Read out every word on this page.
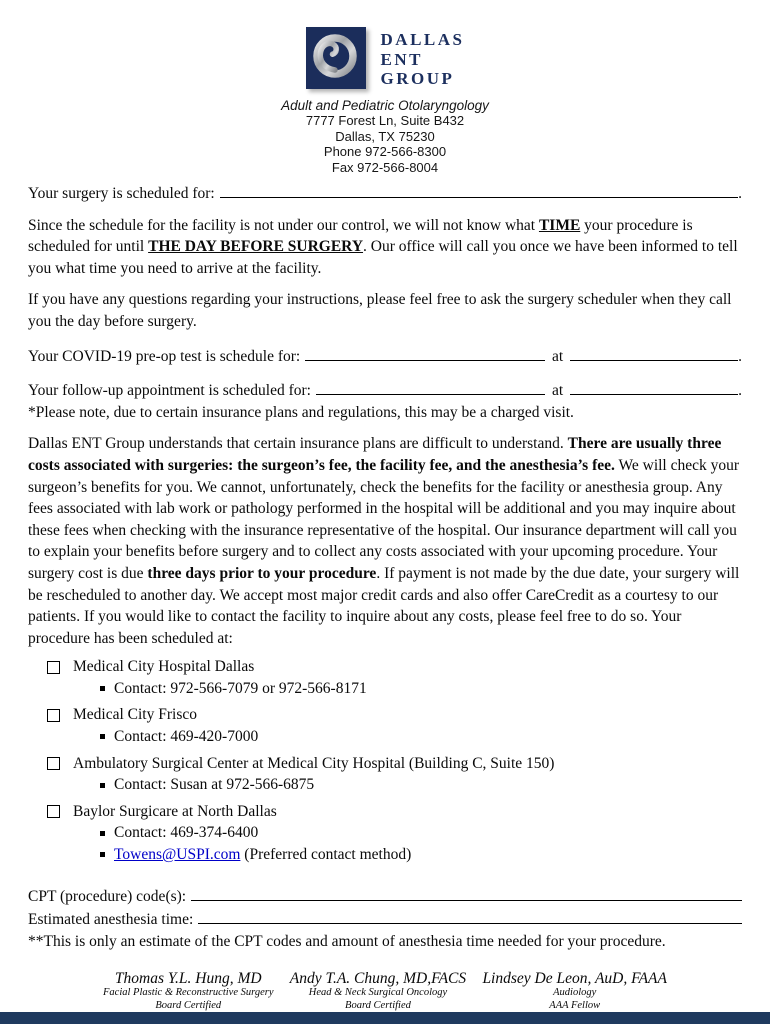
DALLAS
ENT
GROUP
Adult and Pediatric Otolaryngology
7777 Forest Ln, Suite B432
Dallas, TX 75230
Phone 972-566-8300
Fax 972-566-8004

Your surgery is scheduled for:	.

Since the schedule for the facility is not under our control, we will not know what TIME your procedure is scheduled for until THE DAY BEFORE SURGERY. Our office will call you once we have been informed to tell you what time you need to arrive at the facility.

If you have any questions regarding your instructions, please feel free to ask the surgery scheduler when they call you the day before surgery.

Your COVID-19 pre-op test is schedule for:	at	.

Your follow-up appointment is scheduled for:	at	.

*Please note, due to certain insurance plans and regulations, this may be a charged visit.

Dallas ENT Group understands that certain insurance plans are difficult to understand. There are usually three costs associated with surgeries: the surgeon’s fee, the facility fee, and the anesthesia’s fee. We will check your surgeon’s benefits for you. We cannot, unfortunately, check the benefits for the facility or anesthesia group. Any fees associated with lab work or pathology performed in the hospital will be additional and you may inquire about these fees when checking with the insurance representative of the hospital. Our insurance department will call you to explain your benefits before surgery and to collect any costs associated with your upcoming procedure. Your surgery cost is due three days prior to your procedure. If payment is not made by the due date, your surgery will be rescheduled to another day. We accept most major credit cards and also offer CareCredit as a courtesy to our patients. If you would like to contact the facility to inquire about any costs, please feel free to do so. Your procedure has been scheduled at:

Medical City Hospital Dallas
Contact: 972-566-7079 or 972-566-8171
Medical City Frisco
Contact: 469-420-7000
Ambulatory Surgical Center at Medical City Hospital (Building C, Suite 150)
Contact: Susan at 972-566-6875
Baylor Surgicare at North Dallas
Contact: 469-374-6400
Towens@USPI.com (Preferred contact method)

CPT (procedure) code(s):

Estimated anesthesia time:

**This is only an estimate of the CPT codes and amount of anesthesia time needed for your procedure.

Thomas Y.L. Hung, MD
Facial Plastic & Reconstructive Surgery
Board Certified
Andy T.A. Chung, MD,FACS
Head & Neck Surgical Oncology
Board Certified
Lindsey De Leon, AuD, FAAA
Audiology
AAA Fellow
